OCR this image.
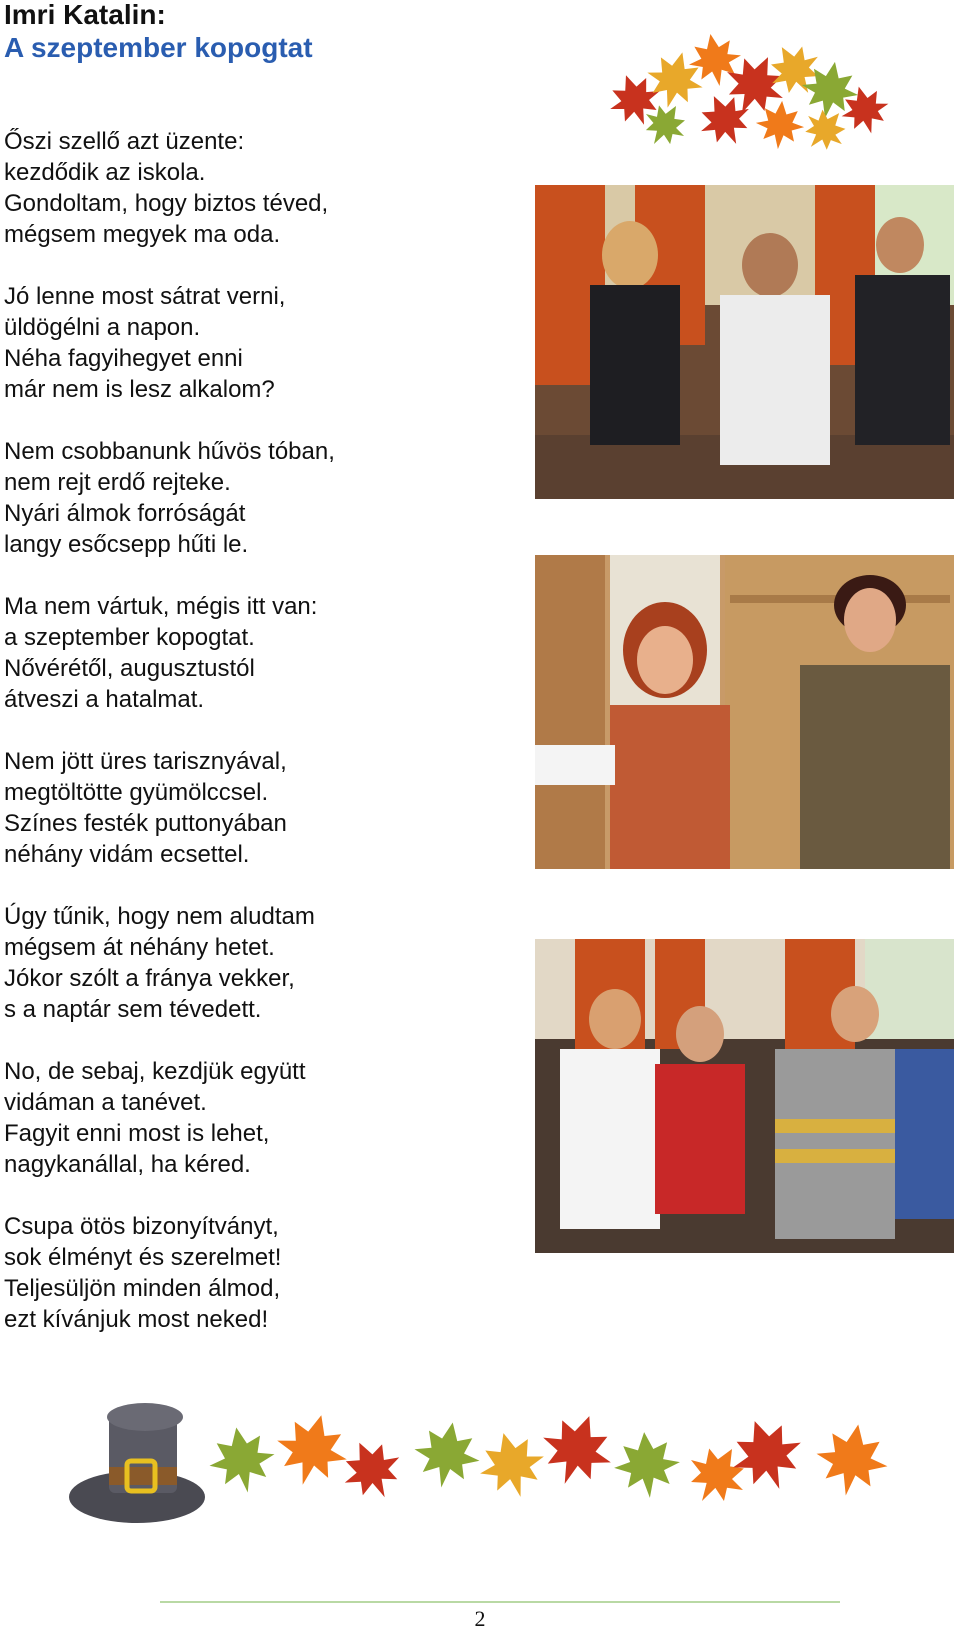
Imri Katalin:
A szeptember kopogtat
Őszi szellő azt üzente:
kezdődik az iskola.
Gondoltam, hogy biztos téved,
mégsem megyek ma oda.
Jó lenne most sátrat verni,
üldögélni a napon.
Néha fagyihegyet enni
már nem is lesz alkalom?
Nem csobbanunk hűvös tóban,
nem rejt erdő rejteke.
Nyári álmok forróságát
langy esőcsepp hűti le.
Ma nem vártuk, mégis itt van:
a szeptember kopogtat.
Nővérétől, augusztustól
átveszi a hatalmat.
Nem jött üres tarisznyával,
megtöltötte gyümölccsel.
Színes festék puttonyában
néhány vidám ecsettel.
Úgy tűnik, hogy nem aludtam
mégsem át néhány hetet.
Jókor szólt a fránya vekker,
s a naptár sem tévedett.
No, de sebaj, kezdjük együtt
vidáman a tanévet.
Fagyit enni most is lehet,
nagykanállal, ha kéred.
Csupa ötös bizonyítványt,
sok élményt és szerelmet!
Teljesüljön minden álmod,
ezt kívánjuk most neked!
2
